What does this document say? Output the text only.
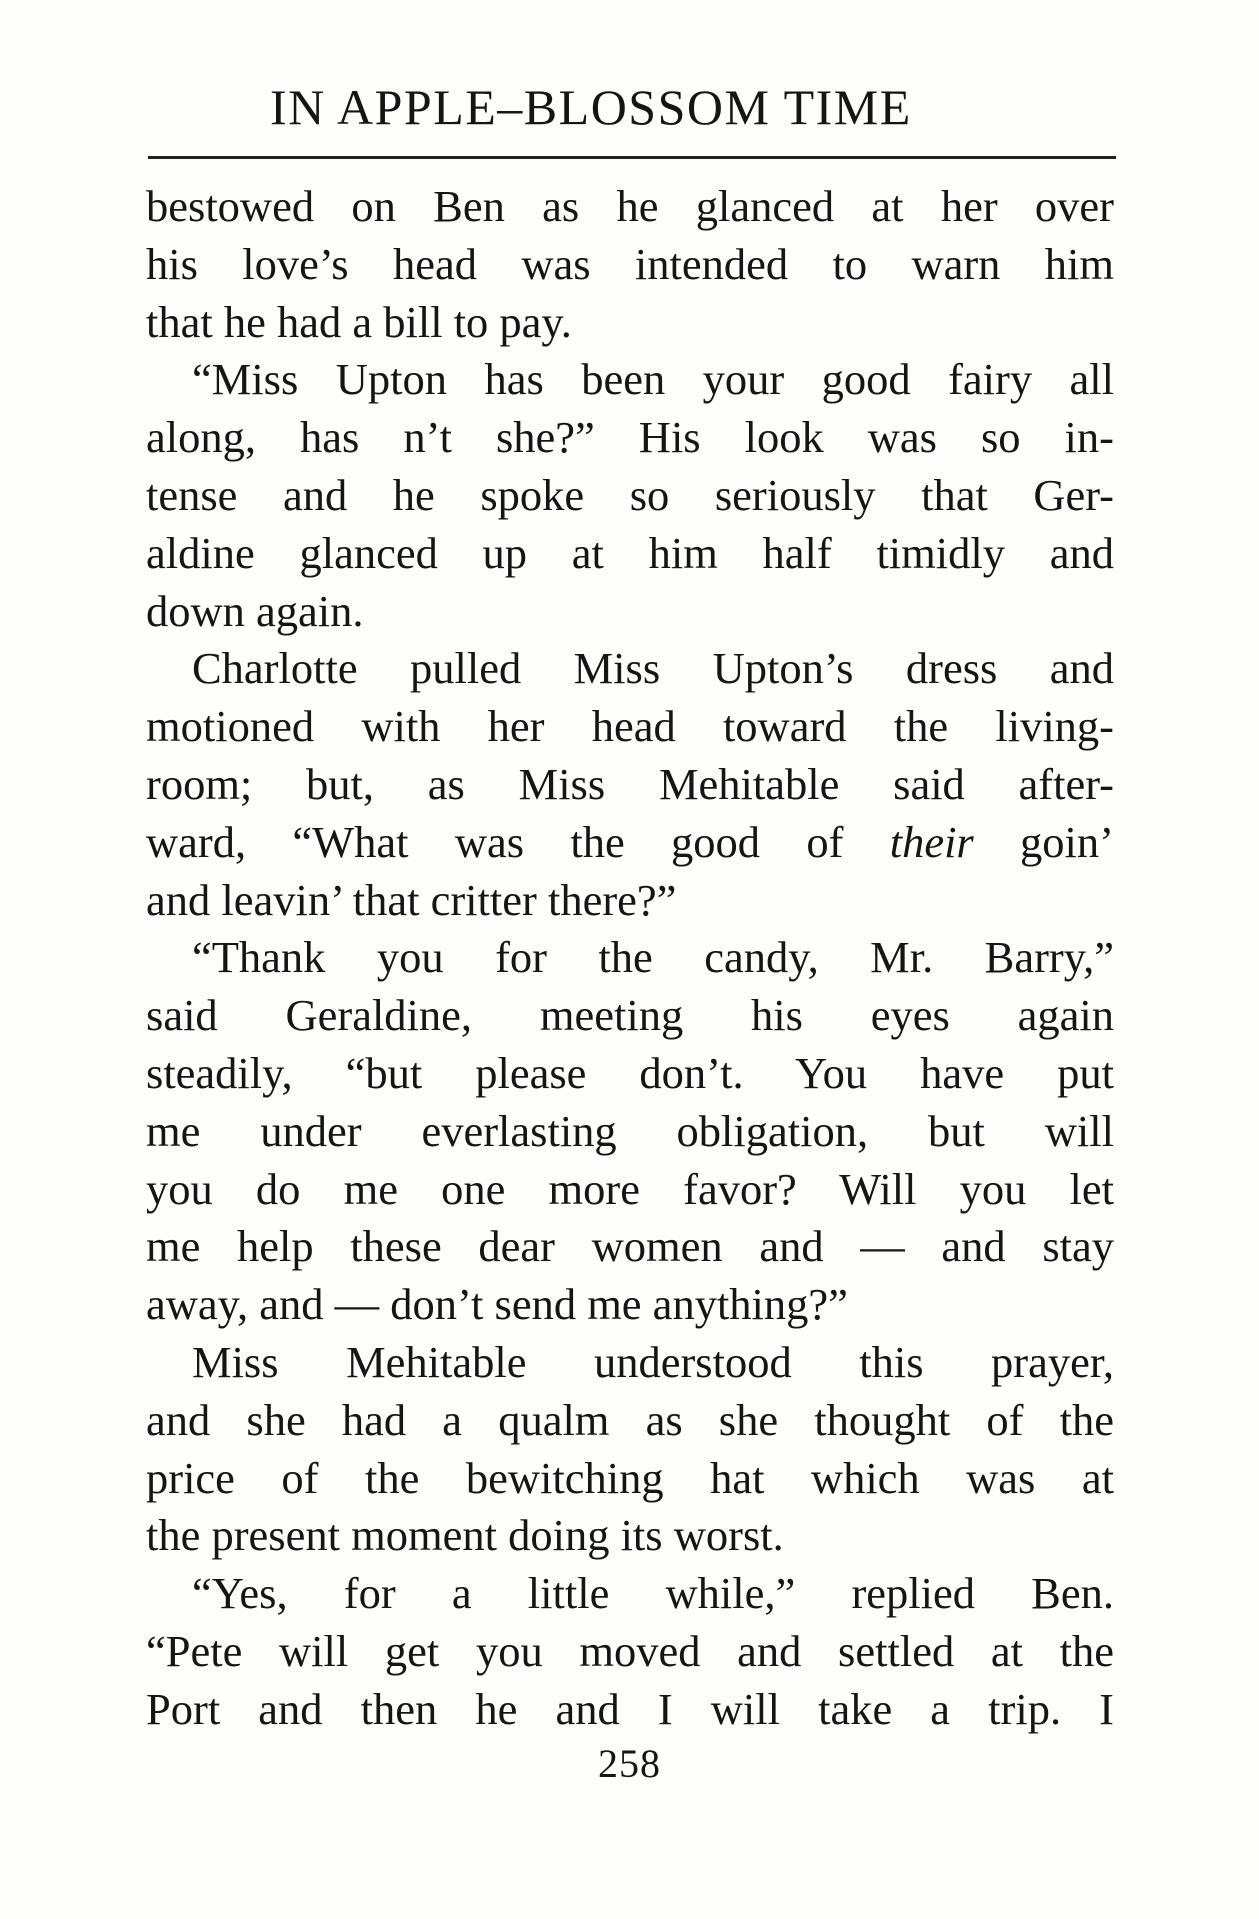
IN APPLE–BLOSSOM TIME
bestowed on Ben as he glanced at her over
his love’s head was intended to warn him
that he had a bill to pay.
“Miss Upton has been your good fairy all
along, has n’t she?” His look was so in-
tense and he spoke so seriously that Ger-
aldine glanced up at him half timidly and
down again.
Charlotte pulled Miss Upton’s dress and
motioned with her head toward the living-
room; but, as Miss Mehitable said after-
ward, “What was the good of their goin’
and leavin’ that critter there?”
“Thank you for the candy, Mr. Barry,”
said Geraldine, meeting his eyes again
steadily, “but please don’t. You have put
me under everlasting obligation, but will
you do me one more favor? Will you let
me help these dear women and — and stay
away, and — don’t send me anything?”
Miss Mehitable understood this prayer,
and she had a qualm as she thought of the
price of the bewitching hat which was at
the present moment doing its worst.
“Yes, for a little while,” replied Ben.
“Pete will get you moved and settled at the
Port and then he and I will take a trip. I
258
